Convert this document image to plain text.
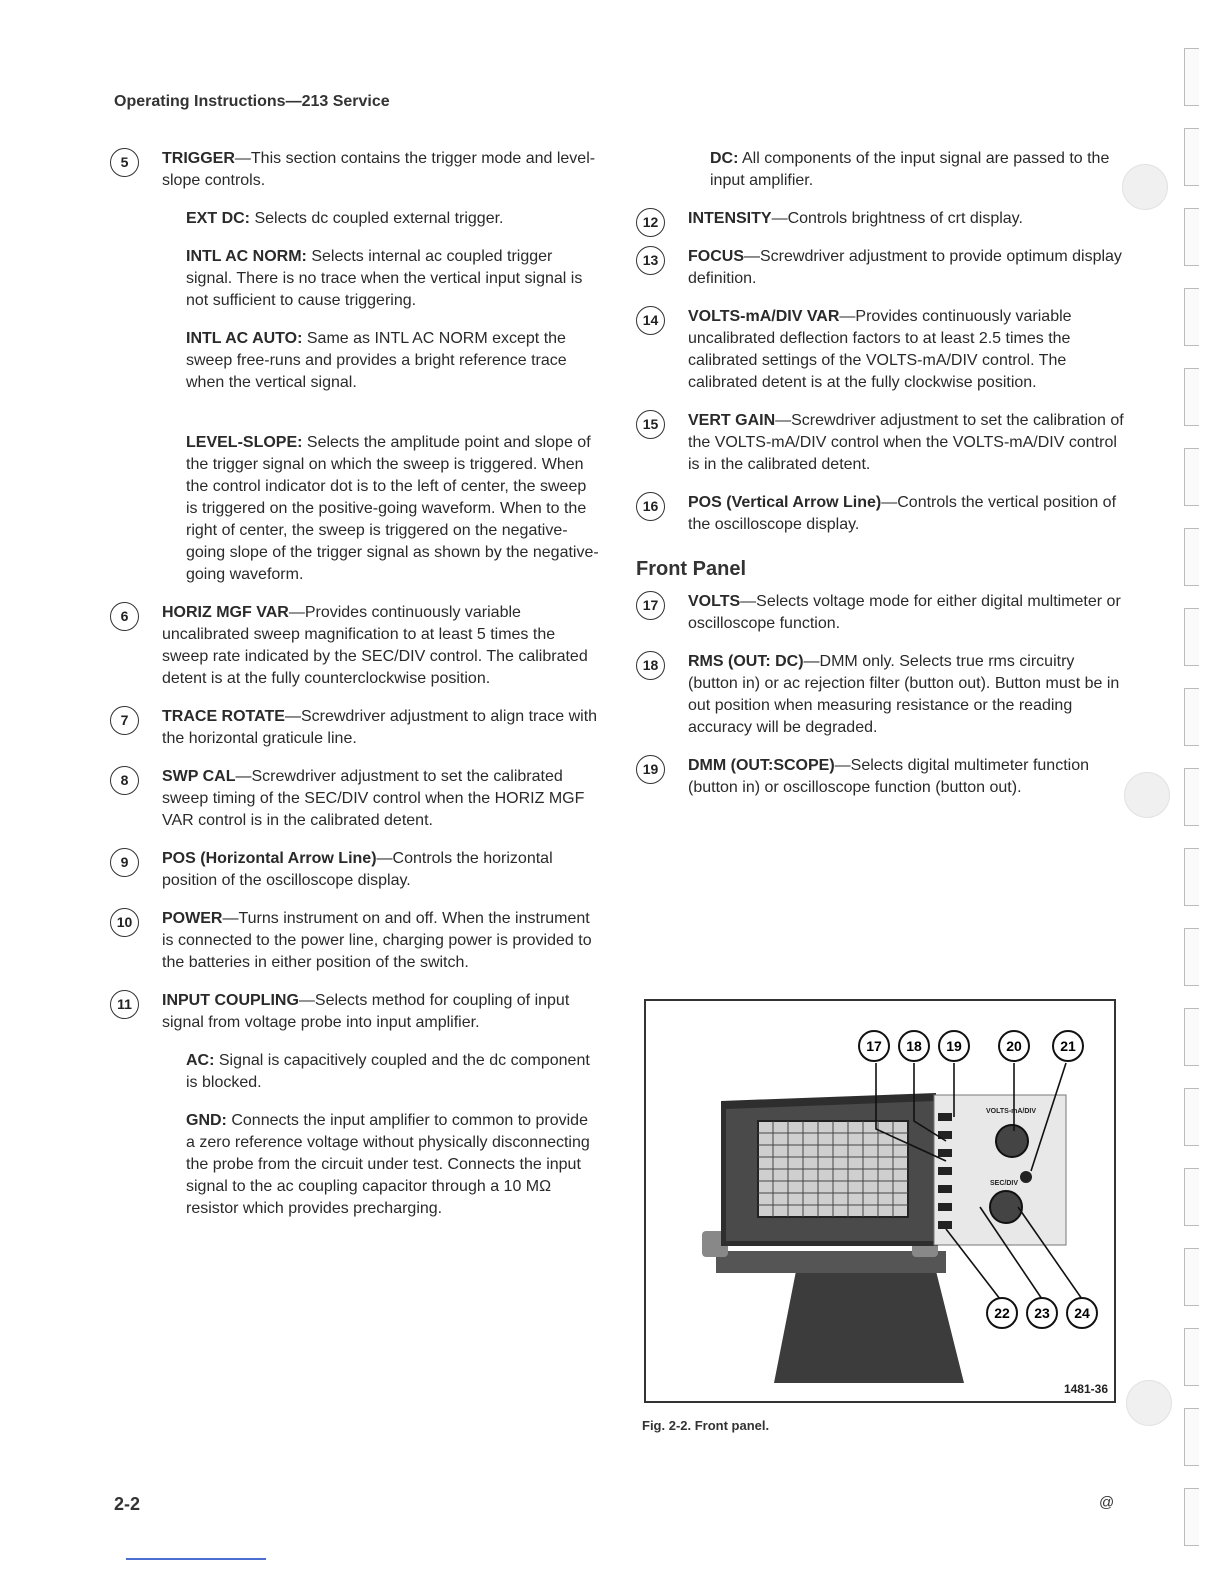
Operating Instructions—213 Service
5	TRIGGER—This section contains the trigger mode and level-slope controls.
EXT DC: Selects dc coupled external trigger.
INTL AC NORM: Selects internal ac coupled trigger signal. There is no trace when the vertical input signal is not sufficient to cause triggering.
INTL AC AUTO: Same as INTL AC NORM except the sweep free-runs and provides a bright reference trace when the vertical signal.
LEVEL-SLOPE: Selects the amplitude point and slope of the trigger signal on which the sweep is triggered. When the control indicator dot is to the left of center, the sweep is triggered on the positive-going waveform. When to the right of center, the sweep is triggered on the negative-going slope of the trigger signal as shown by the negative-going waveform.
6	HORIZ MGF VAR—Provides continuously variable uncalibrated sweep magnification to at least 5 times the sweep rate indicated by the SEC/DIV control. The calibrated detent is at the fully counterclockwise position.
7	TRACE ROTATE—Screwdriver adjustment to align trace with the horizontal graticule line.
8	SWP CAL—Screwdriver adjustment to set the calibrated sweep timing of the SEC/DIV control when the HORIZ MGF VAR control is in the calibrated detent.
9	POS (Horizontal Arrow Line)—Controls the horizontal position of the oscilloscope display.
10	POWER—Turns instrument on and off. When the instrument is connected to the power line, charging power is provided to the batteries in either position of the switch.
11	INPUT COUPLING—Selects method for coupling of input signal from voltage probe into input amplifier.
AC: Signal is capacitively coupled and the dc component is blocked.
GND: Connects the input amplifier to common to provide a zero reference voltage without physically disconnecting the probe from the circuit under test. Connects the input signal to the ac coupling capacitor through a 10 MΩ resistor which provides precharging.
DC: All components of the input signal are passed to the input amplifier.
12	INTENSITY—Controls brightness of crt display.
13	FOCUS—Screwdriver adjustment to provide optimum display definition.
14	VOLTS-mA/DIV VAR—Provides continuously variable uncalibrated deflection factors to at least 2.5 times the calibrated settings of the VOLTS-mA/DIV control. The calibrated detent is at the fully clockwise position.
15	VERT GAIN—Screwdriver adjustment to set the calibration of the VOLTS-mA/DIV control when the VOLTS-mA/DIV control is in the calibrated detent.
16	POS (Vertical Arrow Line)—Controls the vertical position of the oscilloscope display.
Front Panel
17	VOLTS—Selects voltage mode for either digital multimeter or oscilloscope function.
18	RMS (OUT: DC)—DMM only. Selects true rms circuitry (button in) or ac rejection filter (button out). Button must be in out position when measuring resistance or the reading accuracy will be degraded.
19	DMM (OUT:SCOPE)—Selects digital multimeter function (button in) or oscilloscope function (button out).
VOLTS-mA/DIV
SEC/DIV
17 18 19	20	21
22 23 24
1481-36
Fig. 2-2. Front panel.
2-2	@
